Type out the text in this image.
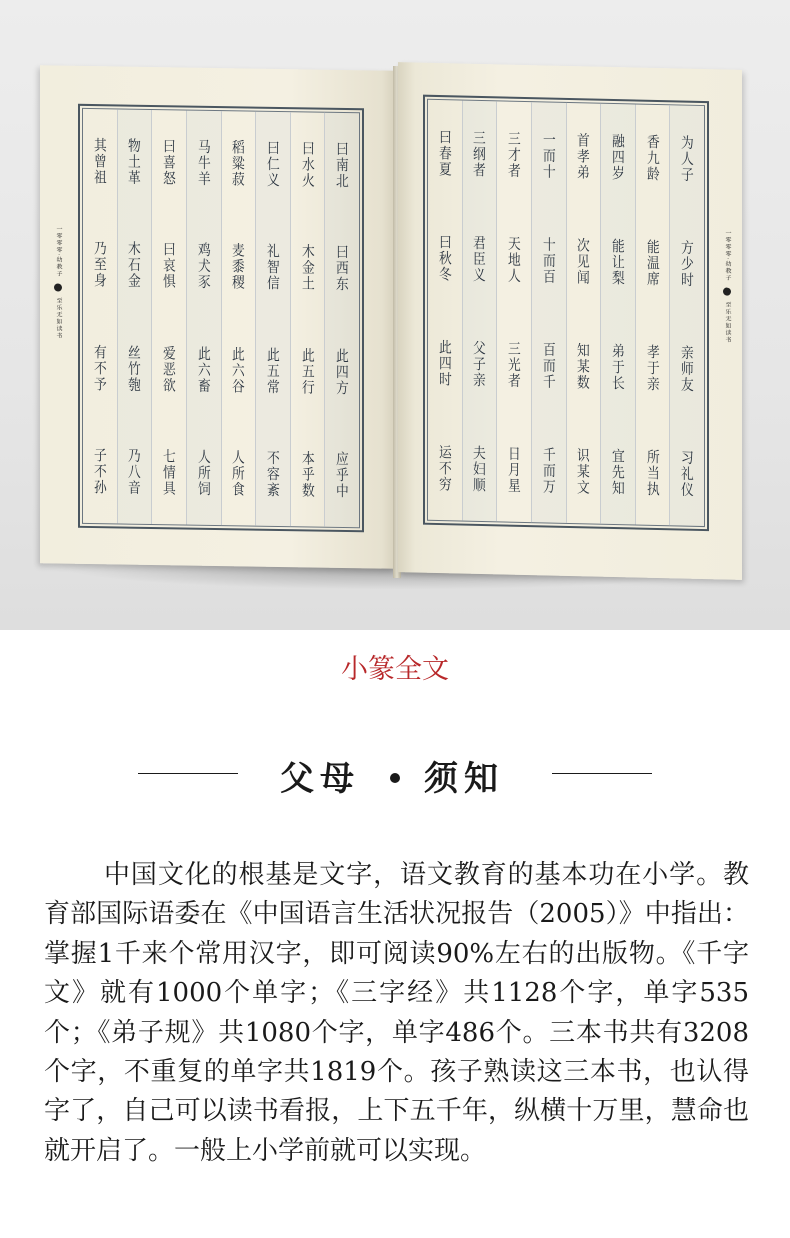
一零零零·幼教子  至乐无如读书
其曾祖
乃至身
有不予
子不孙
物土革
木石金
丝竹匏
乃八音
曰喜怒
曰哀惧
爱恶欲
七情具
马牛羊
鸡犬豕
此六畜
人所饲
稻粱菽
麦黍稷
此六谷
人所食
曰仁义
礼智信
此五常
不容紊
曰水火
木金土
此五行
本乎数
曰南北
曰西东
此四方
应乎中
曰春夏
曰秋冬
此四时
运不穷
三纲者
君臣义
父子亲
夫妇顺
三才者
天地人
三光者
日月星
一而十
十而百
百而千
千而万
首孝弟
次见闻
知某数
识某文
融四岁
能让梨
弟于长
宜先知
香九龄
能温席
孝于亲
所当执
为人子
方少时
亲师友
习礼仪
一零零零·幼教子  至乐无如读书
小篆全文
父母 须知

中国文化的根基是文字，语文教育的基本功在小学。教育部国际语委在《中国语言生活状况报告（2005）》中指出：掌握1千来个常用汉字，即可阅读90%左右的出版物。《千字文》就有1000个单字；《三字经》共1128个字，单字535个；《弟子规》共1080个字，单字486个。三本书共有3208个字，不重复的单字共1819个。孩子熟读这三本书，也认得字了，自己可以读书看报，上下五千年，纵横十万里，慧命也就开启了。一般上小学前就可以实现。
